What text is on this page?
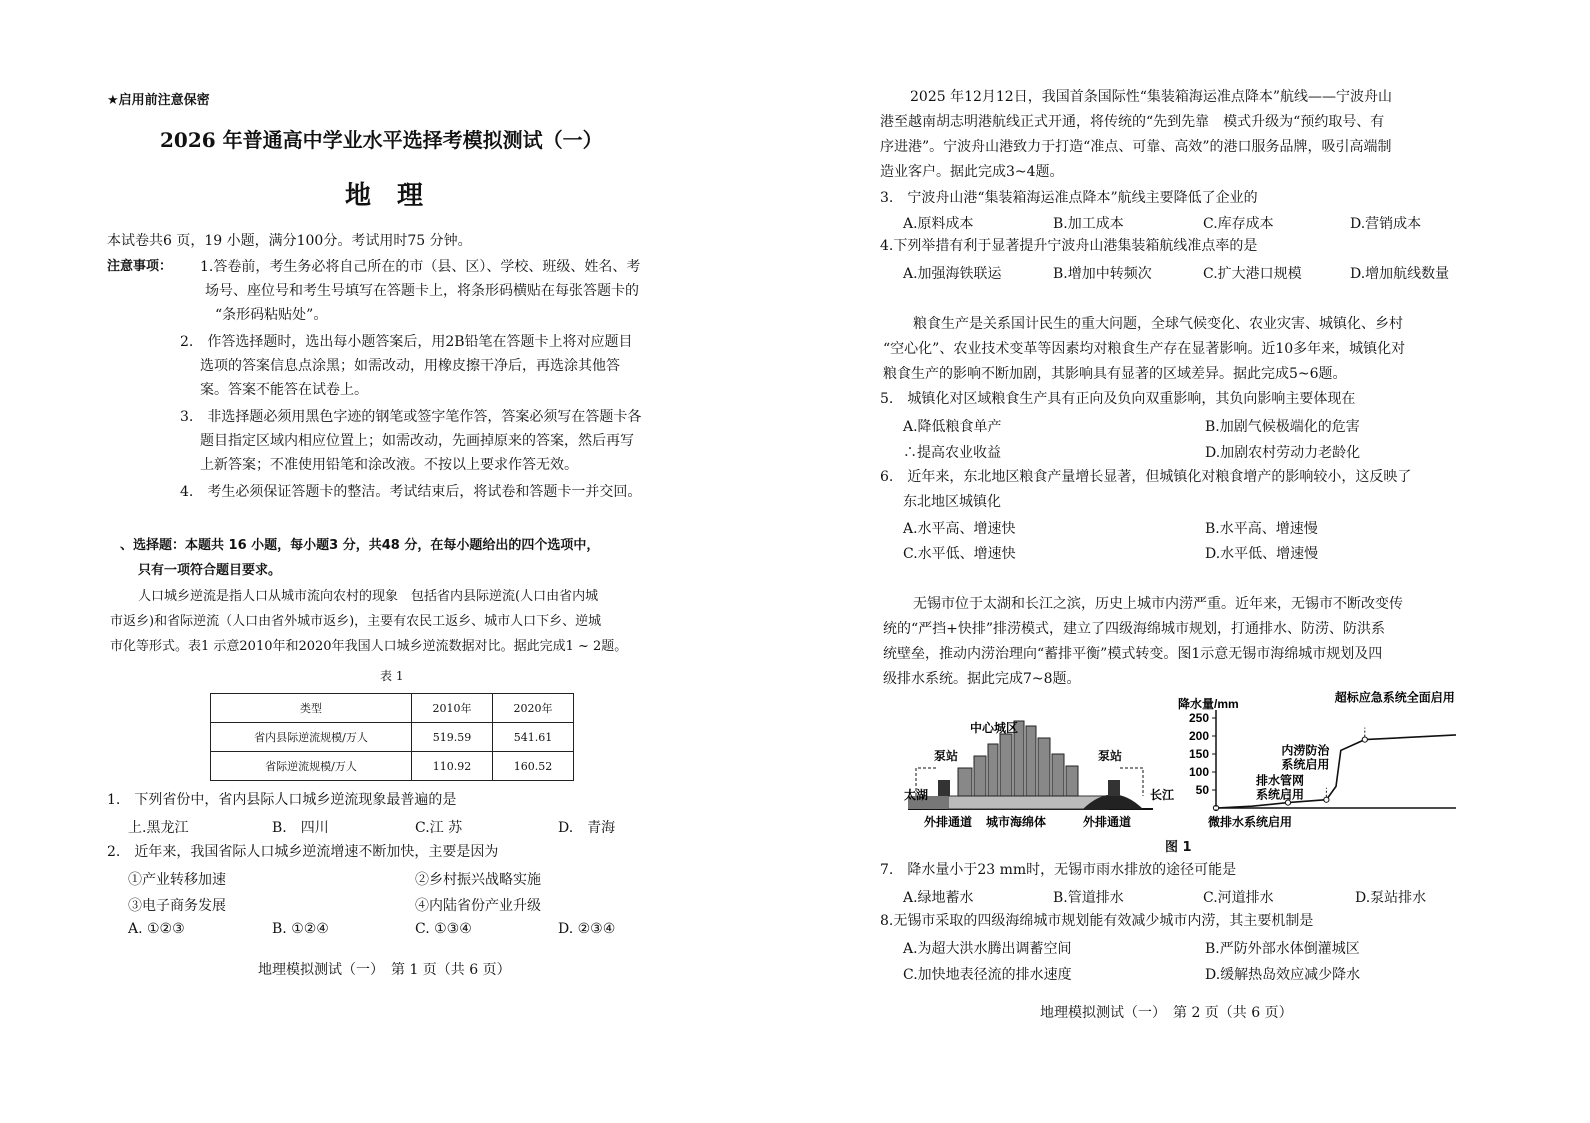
★启用前注意保密
2026 年普通高中学业水平选择考模拟测试（一）
地　理
本试卷共6 页，19 小题，满分100分。考试用时75 分钟。
注意事项： 1.答卷前，考生务必将自己所在的市（县、区）、学校、班级、姓名、考
场号、座位号和考生号填写在答题卡上，将条形码横贴在每张答题卡的
“条形码粘贴处”。
2.　作答选择题时，选出每小题答案后，用2B铅笔在答题卡上将对应题目
选项的答案信息点涂黑；如需改动，用橡皮擦干净后，再选涂其他答
案。答案不能答在试卷上。
3.　非选择题必须用黑色字迹的钢笔或签字笔作答，答案必须写在答题卡各
题目指定区域内相应位置上；如需改动，先画掉原来的答案，然后再写
上新答案；不准使用铅笔和涂改液。不按以上要求作答无效。
4.　考生必须保证答题卡的整洁。考试结束后，将试卷和答题卡一并交回。
、选择题：本题共 16 小题，每小题3 分，共48 分，在每小题给出的四个选项中，
只有一项符合题目要求。
人口城乡逆流是指人口从城市流向农村的现象　包括省内县际逆流(人口由省内城
市返乡)和省际逆流（人口由省外城市返乡)，主要有农民工返乡、城市人口下乡、逆城
市化等形式。表1 示意2010年和2020年我国人口城乡逆流数据对比。据此完成1 ~ 2题。
表 1
类型	2010年	2020年
省内县际逆流规模/万人	519.59	541.61
省际逆流规模/万人	110.92	160.52
1.　下列省份中，省内县际人口城乡逆流现象最普遍的是
上.黑龙江	B.　四川	C.江 苏	D.　青海
2.　近年来，我国省际人口城乡逆流增速不断加快，主要是因为
①产业转移加速	②乡村振兴战略实施
③电子商务发展	④内陆省份产业升级
A. ①②③	B. ①②④	C. ①③④	D. ②③④
地理模拟测试（一）　第 1 页（共 6 页）
2025 年12月12日，我国首条国际性“集装箱海运准点降本”航线——宁波舟山
港至越南胡志明港航线正式开通，将传统的“先到先靠　模式升级为“预约取号、有
序进港”。宁波舟山港致力于打造“准点、可靠、高效”的港口服务品牌，吸引高端制
造业客户。据此完成3~4题。
3.　宁波舟山港“集装箱海运准点降本”航线主要降低了企业的
A.原料成本	B.加工成本	C.库存成本	D.营销成本
4.下列举措有利于显著提升宁波舟山港集装箱航线准点率的是
A.加强海铁联运	B.增加中转频次	C.扩大港口规模	D.增加航线数量
粮食生产是关系国计民生的重大问题，全球气候变化、农业灾害、城镇化、乡村
“空心化”、农业技术变革等因素均对粮食生产存在显著影响。近10多年来，城镇化对
粮食生产的影响不断加剧，其影响具有显著的区域差异。据此完成5~6题。
5.　城镇化对区域粮食生产具有正向及负向双重影响，其负向影响主要体现在
A.降低粮食单产	B.加剧气候极端化的危害
∴提高农业收益	D.加剧农村劳动力老龄化
6.　近年来，东北地区粮食产量增长显著，但城镇化对粮食增产的影响较小，这反映了
东北地区城镇化
A.水平高、增速快	B.水平高、增速慢
C.水平低、增速快	D.水平低、增速慢
无锡市位于太湖和长江之滨，历史上城市内涝严重。近年来，无锡市不断改变传
统的“严挡+快排”排涝模式，建立了四级海绵城市规划，打通排水、防涝、防洪系
统壁垒，推动内涝治理向“蓄排平衡”模式转变。图1示意无锡市海绵城市规划及四
级排水系统。据此完成7~8题。
图 1
7.　降水量小于23 mm时，无锡市雨水排放的途径可能是
A.绿地蓄水	B.管道排水	C.河道排水	D.泵站排水
8.无锡市采取的四级海绵城市规划能有效减少城市内涝，其主要机制是
A.为超大洪水腾出调蓄空间	B.严防外部水体倒灌城区
C.加快地表径流的排水速度	D.缓解热岛效应减少降水
地理模拟测试（一）　第 2 页（共 6 页）
中心城区
泵站	泵站
太湖	长江
外排通道 城市海绵体	外排通道
50
100
150
200
250
微排水系统启用
排水管网
系统启用
内涝防治
系统启用
超标应急系统全面启用
降水量/mm
